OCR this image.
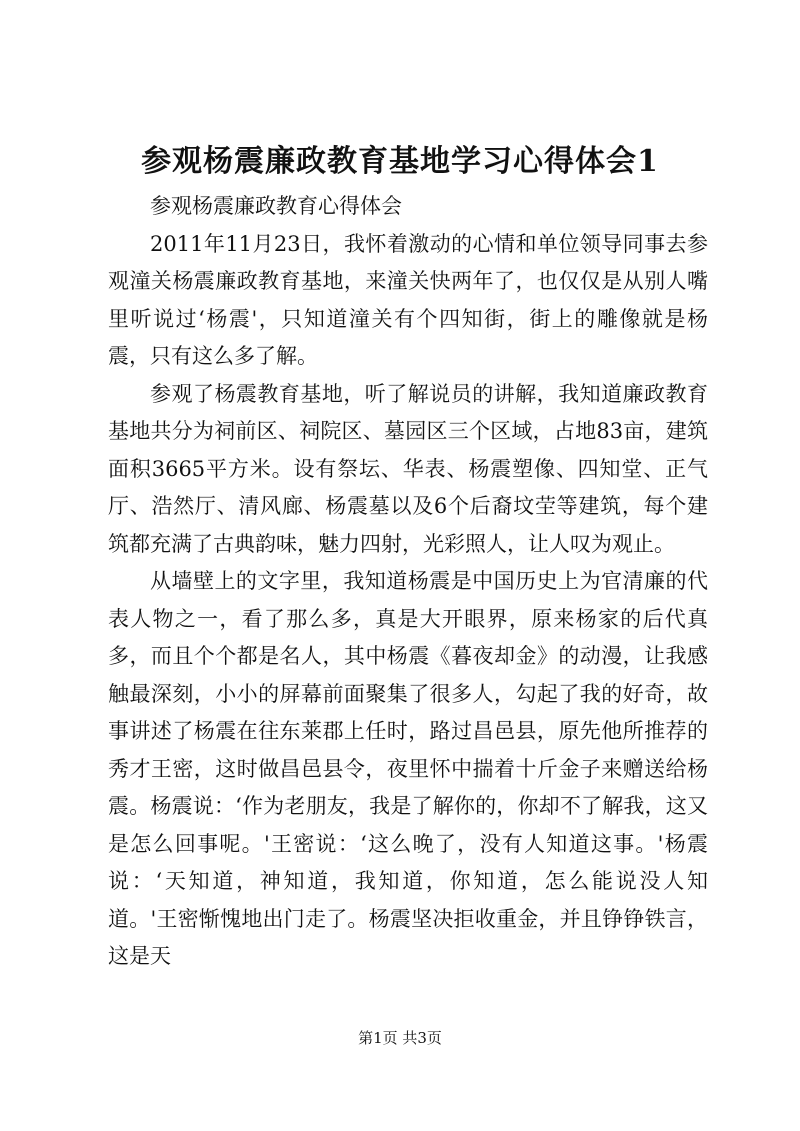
参观杨震廉政教育基地学习心得体会1

参观杨震廉政教育心得体会

2011年11月23日，我怀着激动的心情和单位领导同事去参观潼关杨震廉政教育基地，来潼关快两年了，也仅仅是从别人嘴里听说过‘杨震'，只知道潼关有个四知街，街上的雕像就是杨震，只有这么多了解。

参观了杨震教育基地，听了解说员的讲解，我知道廉政教育基地共分为祠前区、祠院区、墓园区三个区域，占地83亩，建筑面积3665平方米。设有祭坛、华表、杨震塑像、四知堂、正气厅、浩然厅、清风廊、杨震墓以及6个后裔坟茔等建筑，每个建筑都充满了古典韵味，魅力四射，光彩照人，让人叹为观止。

从墙壁上的文字里，我知道杨震是中国历史上为官清廉的代表人物之一，看了那么多，真是大开眼界，原来杨家的后代真多，而且个个都是名人，其中杨震《暮夜却金》的动漫，让我感触最深刻，小小的屏幕前面聚集了很多人，勾起了我的好奇，故事讲述了杨震在往东莱郡上任时，路过昌邑县，原先他所推荐的秀才王密，这时做昌邑县令，夜里怀中揣着十斤金子来赠送给杨震。杨震说：‘作为老朋友，我是了解你的，你却不了解我，这又是怎么回事呢。'王密说：‘这么晚了，没有人知道这事。'杨震说：‘天知道，神知道，我知道，你知道，怎么能说没人知道。'王密惭愧地出门走了。杨震坚决拒收重金，并且铮铮铁言，这是天

第1页 共3页
